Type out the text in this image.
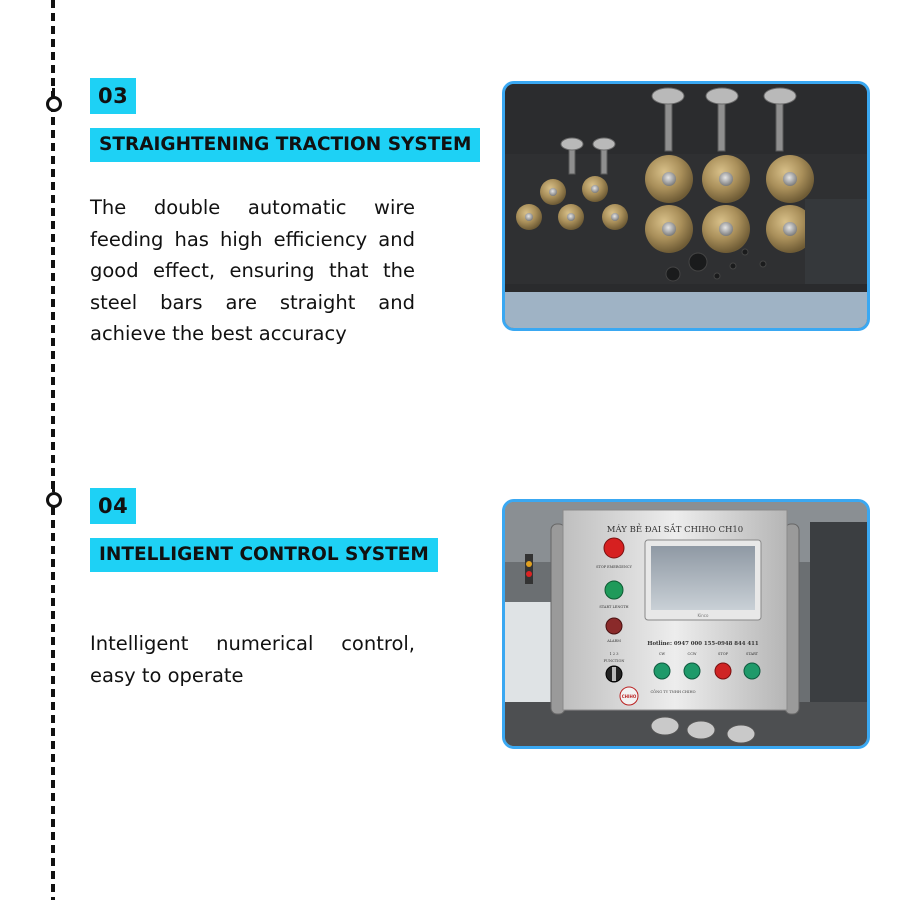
03
STRAIGHTENING TRACTION SYSTEM
The double automatic wire feeding has high efficiency and good effect, ensuring that the steel bars are straight and achieve the best accuracy
04
INTELLIGENT CONTROL SYSTEM
Intelligent numerical control, easy to operate
MÁY BẺ ĐAI SẮT CHIHO CH10
Kinco
STOP EMERGENCY
START LENGTH
ALARM
1 2 3
FUNCTION
CHIHO
CÔNG TY TNHH CHIHO
Hotline: 0947 000 155-0948 844 411
CW	CCW	STOP	START
